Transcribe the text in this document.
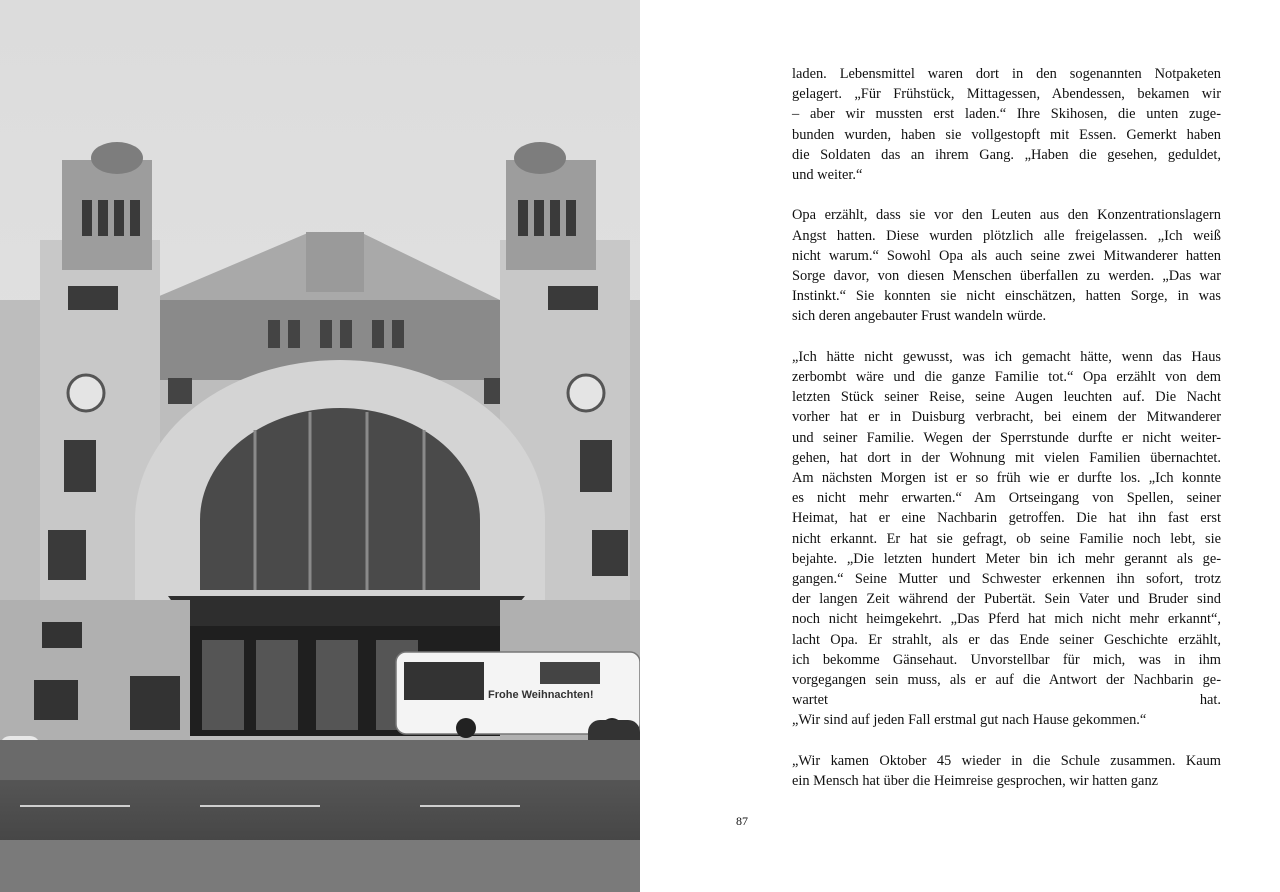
Frohe Weihnachten!

laden. Lebensmittel waren dort in den sogenannten Notpaketen
gelagert. „Für Frühstück, Mittagessen, Abendessen, bekamen wir
– aber wir mussten erst laden.“ Ihre Skihosen, die unten zuge-
bunden wurden, haben sie vollgestopft mit Essen. Gemerkt haben
die Soldaten das an ihrem Gang. „Haben die gesehen, geduldet,
und weiter.“

Opa erzählt, dass sie vor den Leuten aus den Konzentrationslagern
Angst hatten. Diese wurden plötzlich alle freigelassen. „Ich weiß
nicht warum.“ Sowohl Opa als auch seine zwei Mitwanderer hatten
Sorge davor, von diesen Menschen überfallen zu werden. „Das war
Instinkt.“ Sie konnten sie nicht einschätzen, hatten Sorge, in was
sich deren angebauter Frust wandeln würde.

„Ich hätte nicht gewusst, was ich gemacht hätte, wenn das Haus
zerbombt wäre und die ganze Familie tot.“ Opa erzählt von dem
letzten Stück seiner Reise, seine Augen leuchten auf. Die Nacht
vorher hat er in Duisburg verbracht, bei einem der Mitwanderer
und seiner Familie. Wegen der Sperrstunde durfte er nicht weiter-
gehen, hat dort in der Wohnung mit vielen Familien übernachtet.
Am nächsten Morgen ist er so früh wie er durfte los. „Ich konnte
es nicht mehr erwarten.“ Am Ortseingang von Spellen, seiner
Heimat, hat er eine Nachbarin getroffen. Die hat ihn fast erst
nicht erkannt. Er hat sie gefragt, ob seine Familie noch lebt, sie
bejahte. „Die letzten hundert Meter bin ich mehr gerannt als ge-
gangen.“ Seine Mutter und Schwester erkennen ihn sofort, trotz
der langen Zeit während der Pubertät. Sein Vater und Bruder sind
noch nicht heimgekehrt. „Das Pferd hat mich nicht mehr erkannt“,
lacht Opa. Er strahlt, als er das Ende seiner Geschichte erzählt,
ich bekomme Gänsehaut. Unvorstellbar für mich, was in ihm
vorgegangen sein muss, als er auf die Antwort der Nachbarin ge-
wartet hat.
„Wir sind auf jeden Fall erstmal gut nach Hause gekommen.“

„Wir kamen Oktober 45 wieder in die Schule zusammen. Kaum
ein Mensch hat über die Heimreise gesprochen, wir hatten ganz

87
